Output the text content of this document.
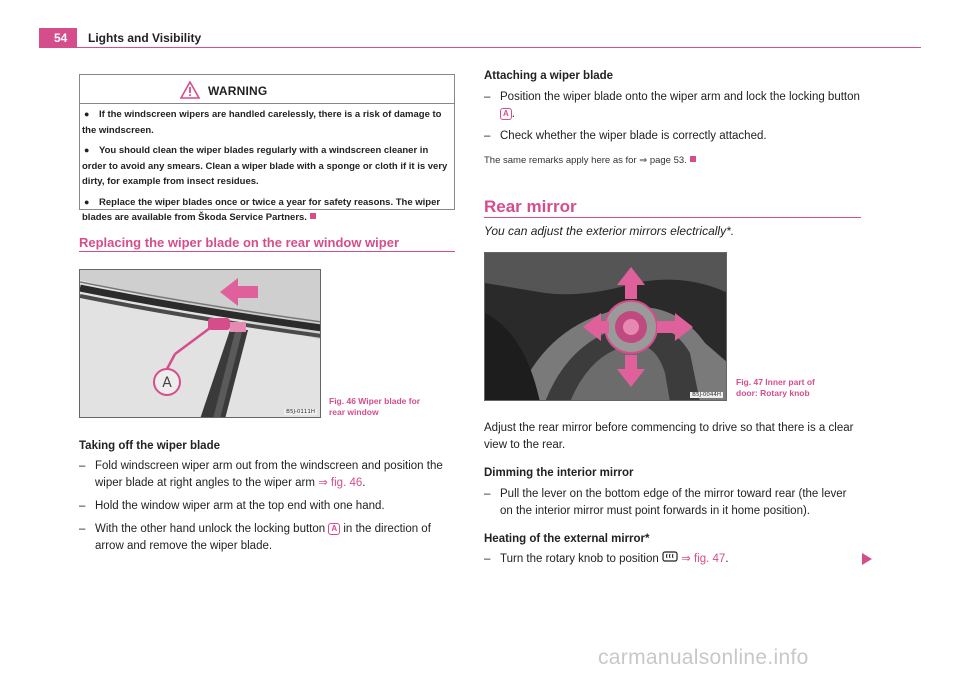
54	Lights and Visibility
WARNING
● If the windscreen wipers are handled carelessly, there is a risk of damage to the windscreen.
● You should clean the wiper blades regularly with a windscreen cleaner in order to avoid any smears. Clean a wiper blade with a sponge or cloth if it is very dirty, for example from insect residues.
● Replace the wiper blades once or twice a year for safety reasons. The wiper blades are available from Škoda Service Partners.
Replacing the wiper blade on the rear window wiper
A
B5J-0111H
Fig. 46 Wiper blade for
rear window
Taking off the wiper blade
– Fold windscreen wiper arm out from the windscreen and position the wiper blade at right angles to the wiper arm ⇒ fig. 46.
– Hold the window wiper arm at the top end with one hand.
– With the other hand unlock the locking button A in the direction of arrow and remove the wiper blade.
Attaching a wiper blade
– Position the wiper blade onto the wiper arm and lock the locking button A .
– Check whether the wiper blade is correctly attached.
The same remarks apply here as for ⇒ page 53.
Rear mirror
You can adjust the exterior mirrors electrically*.
B5J-0044H
Fig. 47 Inner part of
door: Rotary knob
Adjust the rear mirror before commencing to drive so that there is a clear view to the rear.
Dimming the interior mirror
– Pull the lever on the bottom edge of the mirror toward rear (the lever on the interior mirror must point forwards in it home position).
Heating of the external mirror*
– Turn the rotary knob to position  ⇒ fig. 47.
carmanualsonline.info
